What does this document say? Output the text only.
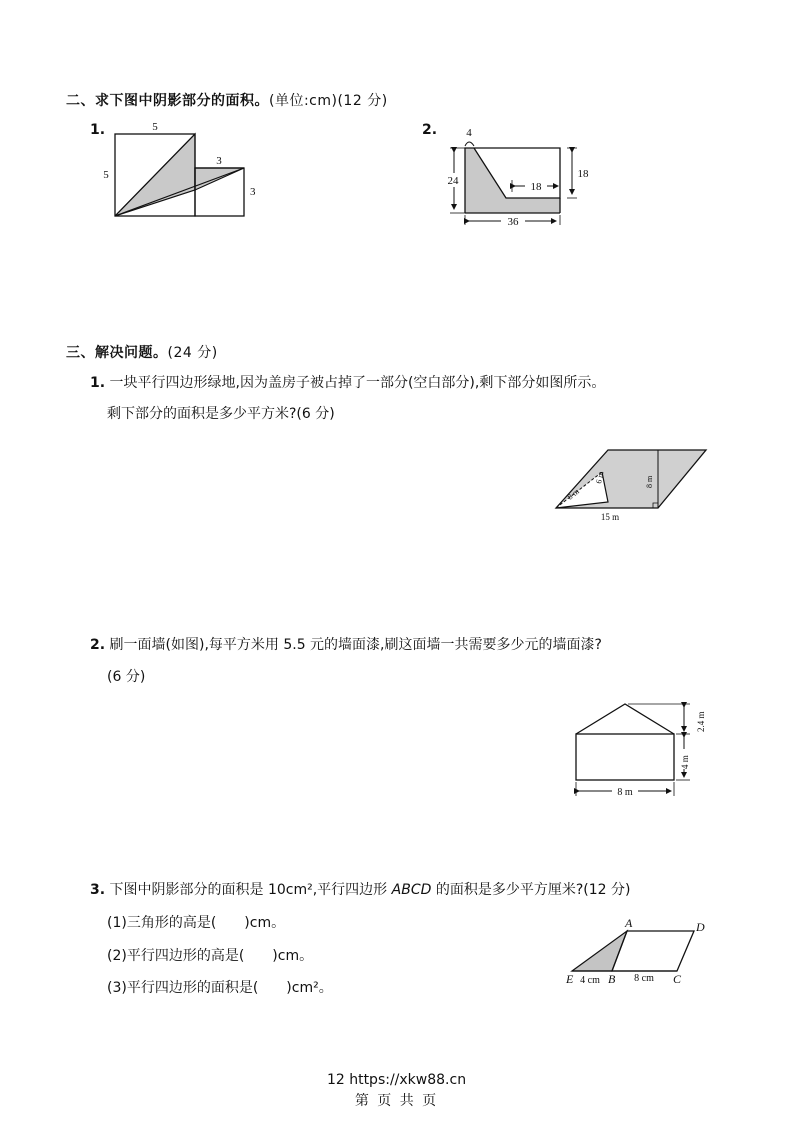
二、求下图中阴影部分的面积。(单位:cm)(12 分)
1.	5
5
3
3
2.	4
24
18
18
36
三、解决问题。(24 分)
1. 一块平行四边形绿地,因为盖房子被占掉了一部分(空白部分),剩下部分如图所示。
剩下部分的面积是多少平方米?(6 分)
8 m
6 m
8 m
15 m
2. 刷一面墙(如图),每平方米用 5.5 元的墙面漆,刷这面墙一共需要多少元的墙面漆?
(6 分)
2.4 m
4 m
8 m
3. 下图中阴影部分的面积是 10cm²,平行四边形 ABCD 的面积是多少平方厘米?(12 分)
(1)三角形的高是(　　)cm。
(2)平行四边形的高是(　　)cm。
(3)平行四边形的面积是(　　)cm²。
A	D
E 4 cm B 8 cm C
12 https://xkw88.cn
第 页 共 页
